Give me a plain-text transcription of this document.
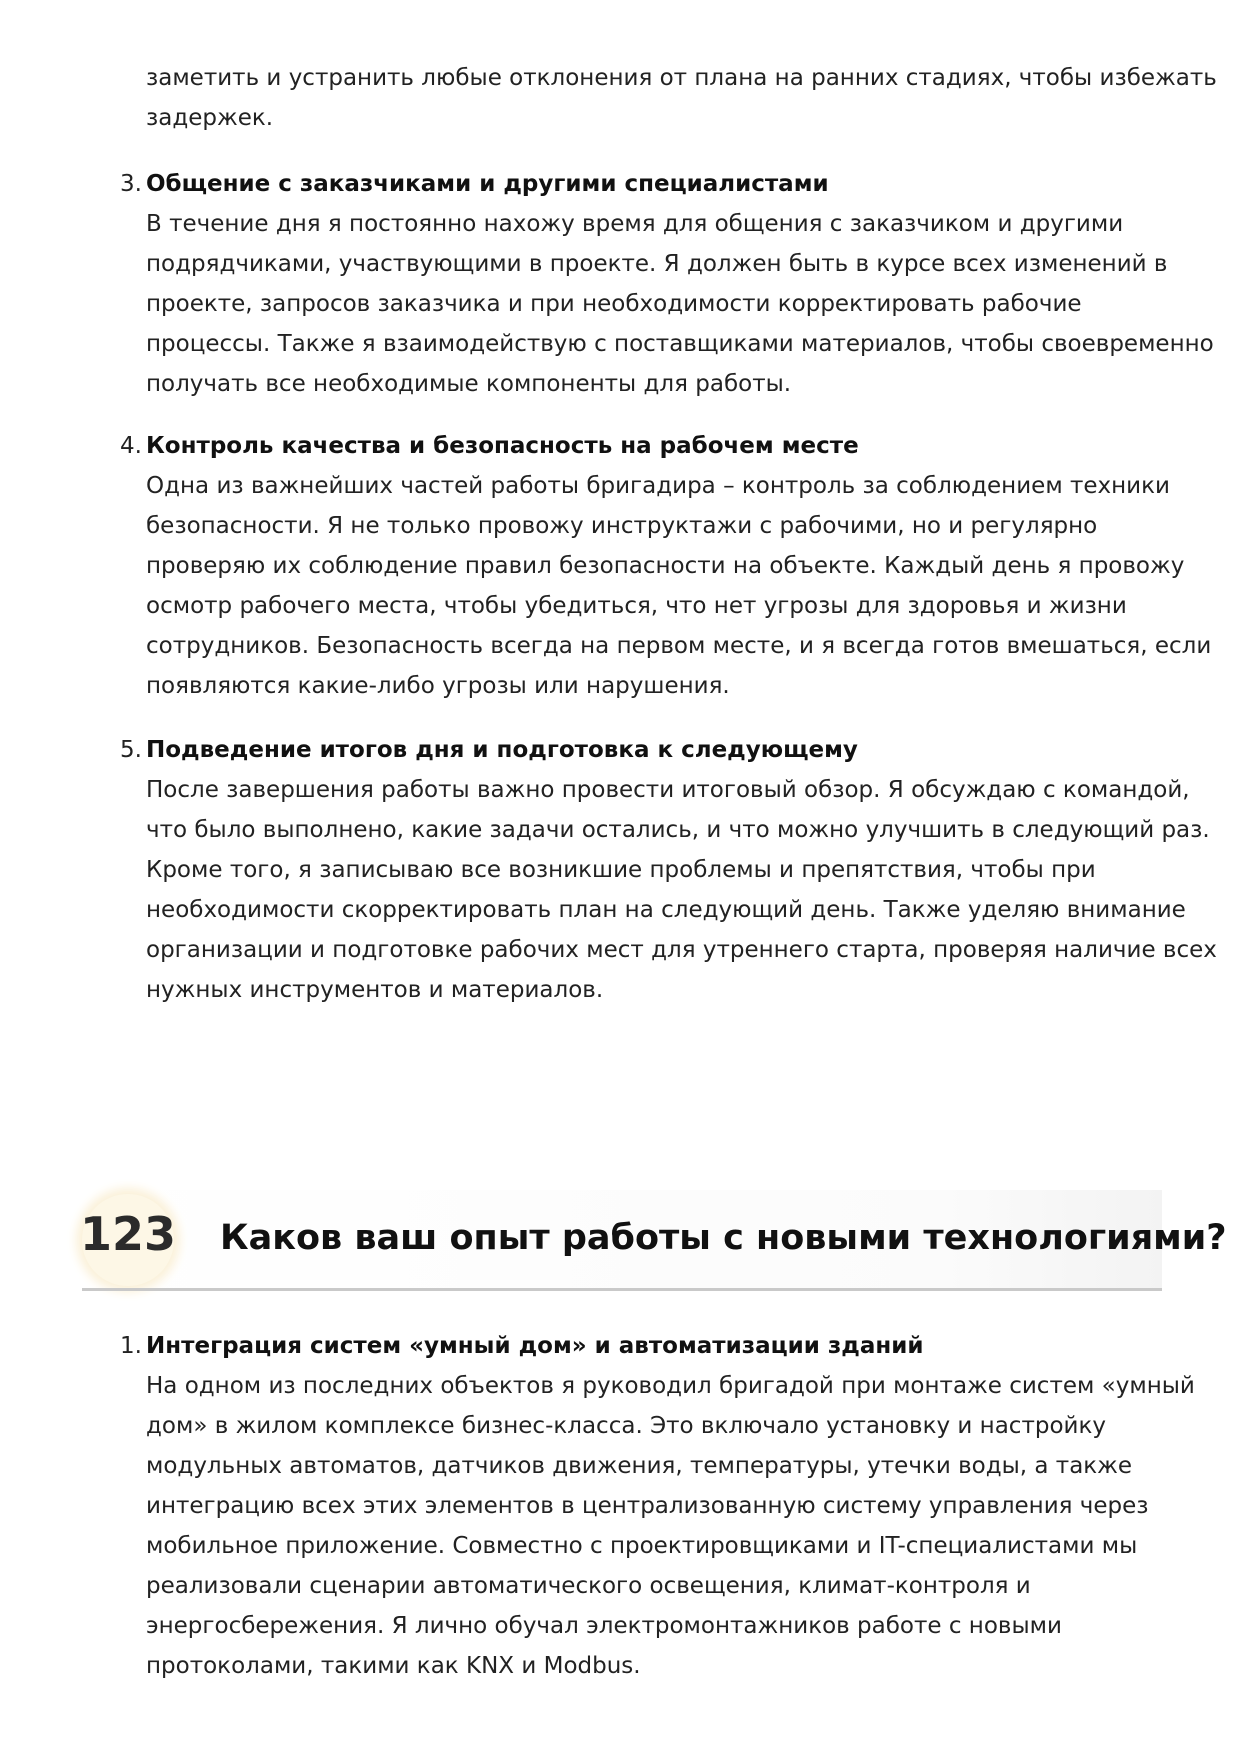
заметить и устранить любые отклонения от плана на ранних стадиях, чтобы избежать
задержек.
3. Общение с заказчиками и другими специалистами
В течение дня я постоянно нахожу время для общения с заказчиком и другими
подрядчиками, участвующими в проекте. Я должен быть в курсе всех изменений в
проекте, запросов заказчика и при необходимости корректировать рабочие
процессы. Также я взаимодействую с поставщиками материалов, чтобы своевременно
получать все необходимые компоненты для работы.
4. Контроль качества и безопасность на рабочем месте
Одна из важнейших частей работы бригадира – контроль за соблюдением техники
безопасности. Я не только провожу инструктажи с рабочими, но и регулярно
проверяю их соблюдение правил безопасности на объекте. Каждый день я провожу
осмотр рабочего места, чтобы убедиться, что нет угрозы для здоровья и жизни
сотрудников. Безопасность всегда на первом месте, и я всегда готов вмешаться, если
появляются какие-либо угрозы или нарушения.
5. Подведение итогов дня и подготовка к следующему
После завершения работы важно провести итоговый обзор. Я обсуждаю с командой,
что было выполнено, какие задачи остались, и что можно улучшить в следующий раз.
Кроме того, я записываю все возникшие проблемы и препятствия, чтобы при
необходимости скорректировать план на следующий день. Также уделяю внимание
организации и подготовке рабочих мест для утреннего старта, проверяя наличие всех
нужных инструментов и материалов.
123 Каков ваш опыт работы с новыми технологиями?
1. Интеграция систем «умный дом» и автоматизации зданий
На одном из последних объектов я руководил бригадой при монтаже систем «умный
дом» в жилом комплексе бизнес-класса. Это включало установку и настройку
модульных автоматов, датчиков движения, температуры, утечки воды, а также
интеграцию всех этих элементов в централизованную систему управления через
мобильное приложение. Совместно с проектировщиками и IT-специалистами мы
реализовали сценарии автоматического освещения, климат-контроля и
энергосбережения. Я лично обучал электромонтажников работе с новыми
протоколами, такими как KNX и Modbus.
